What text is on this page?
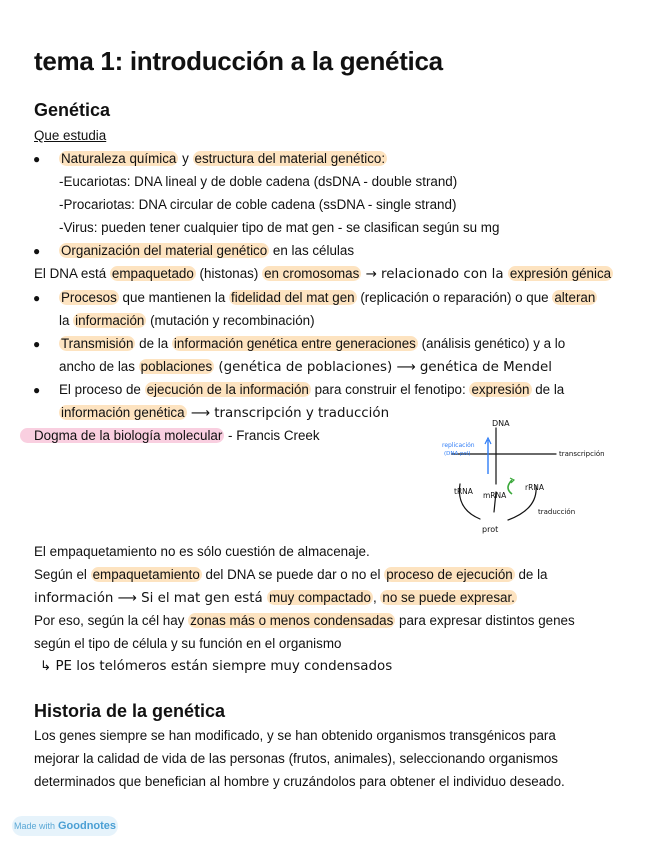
tema 1: introducción a la genética
Genética
Que estudia
● Naturaleza química y estructura del material genético:
-Eucariotas: DNA lineal y de doble cadena (dsDNA - double strand)
-Procariotas: DNA circular de coble cadena (ssDNA - single strand)
-Virus: pueden tener cualquier tipo de mat gen - se clasifican según su mg
● Organización del material genético en las células
El DNA está empaquetado (histonas) en cromosomas → relacionado con la expresión génica
● Procesos que mantienen la fidelidad del mat gen (replicación o reparación) o que alteran
la información (mutación y recombinación)
● Transmisión de la información genética entre generaciones (análisis genético) y a lo
ancho de las poblaciones (genética de poblaciones) ⟶ genética de Mendel
● El proceso de ejecución de la información para construir el fenotipo: expresión de la
información genética ⟶ transcripción y traducción
Dogma de la biología molecular - Francis Creek
DNA
replicación
(DNA pol)	transcripción
tRNA mRNA
rRNA
traducción
prot
El empaquetamiento no es sólo cuestión de almacenaje.
Según el empaquetamiento del DNA se puede dar o no el proceso de ejecución de la
información ⟶ Si el mat gen está muy compactado , no se puede expresar.
Por eso, según la cél hay zonas más o menos condensadas para expresar distintos genes
según el tipo de célula y su función en el organismo
↳ PE los telómeros están siempre muy condensados
Historia de la genética
Los genes siempre se han modificado, y se han obtenido organismos transgénicos para
mejorar la calidad de vida de las personas (frutos, animales), seleccionando organismos
determinados que benefician al hombre y cruzándolos para obtener el individuo deseado.
Made with Goodnotes
